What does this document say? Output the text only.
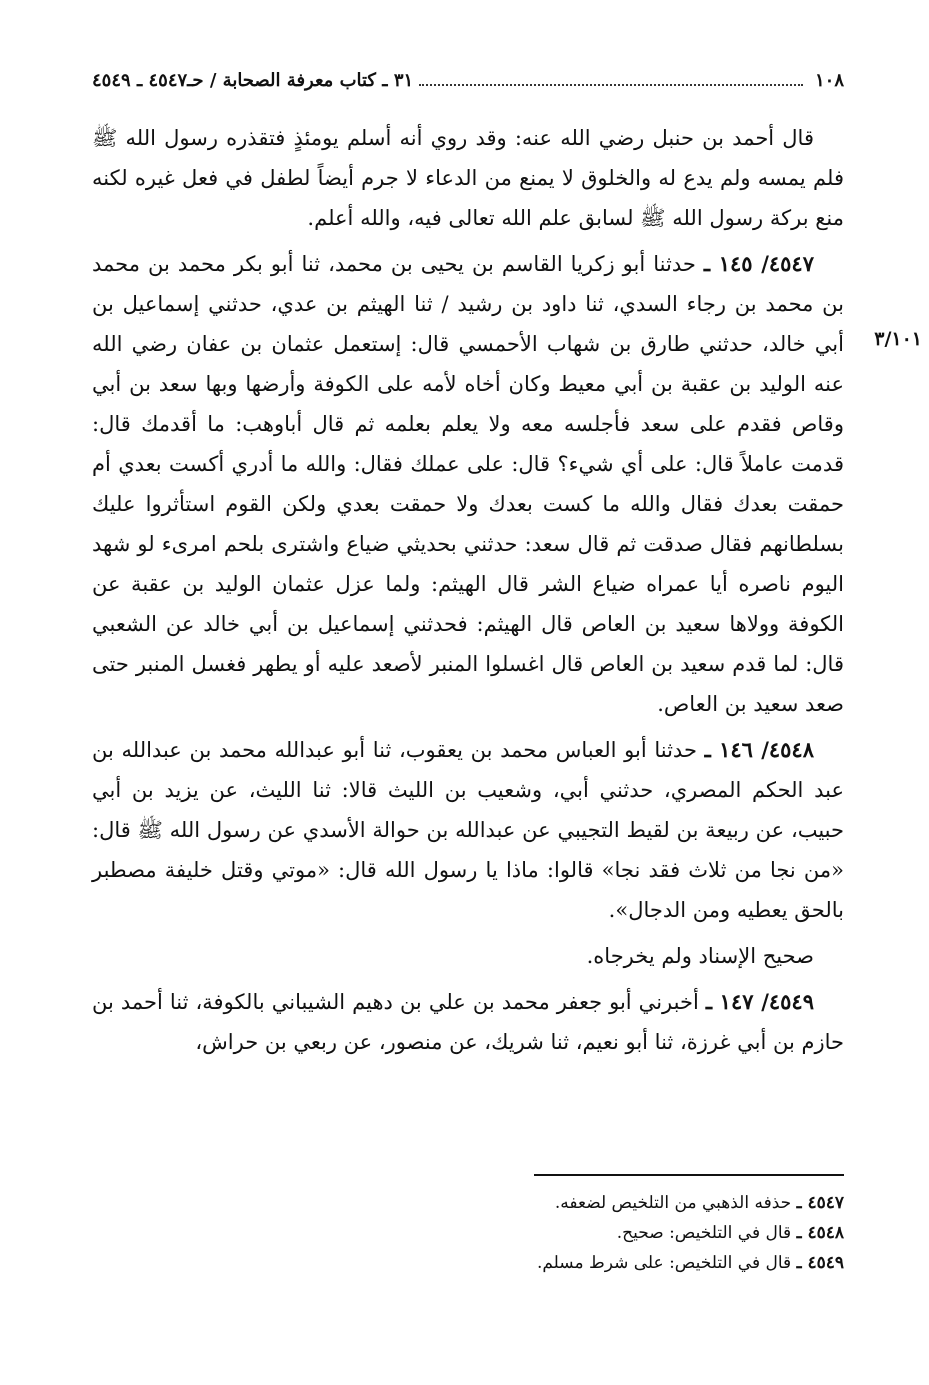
١٠٨
٣١ ـ كتاب معرفة الصحابة / حـ٤٥٤٧ ـ ٤٥٤٩

قال أحمد بن حنبل رضي الله عنه: وقد روي أنه أسلم يومئذٍ فتقذره رسول الله ﷺ فلم يمسه ولم يدع له والخلوق لا يمنع من الدعاء لا جرم أيضاً لطفل في فعل غيره لكنه منع بركة رسول الله ﷺ لسابق علم الله تعالى فيه، والله أعلم.

٤٥٤٧/ ١٤٥ ـ حدثنا أبو زكريا القاسم بن يحيى بن محمد، ثنا أبو بكر محمد بن محمد بن محمد بن رجاء السدي، ثنا داود بن رشيد / ثنا الهيثم بن عدي، حدثني إسماعيل بن أبي خالد، حدثني طارق بن شهاب الأحمسي قال: إستعمل عثمان بن عفان رضي الله عنه الوليد بن عقبة بن أبي معيط وكان أخاه لأمه على الكوفة وأرضها وبها سعد بن أبي وقاص فقدم على سعد فأجلسه معه ولا يعلم بعلمه ثم قال أباوهب: ما أقدمك قال: قدمت عاملاً قال: على أي شيء؟ قال: على عملك فقال: والله ما أدري أكست بعدي أم حمقت بعدك فقال والله ما كست بعدك ولا حمقت بعدي ولكن القوم استأثروا عليك بسلطانهم فقال صدقت ثم قال سعد: حدثني بحديثي ضياع واشترى بلحم امرىء لو شهد اليوم ناصره أيا عمراه ضياع الشر قال الهيثم: ولما عزل عثمان الوليد بن عقبة عن الكوفة وولاها سعيد بن العاص قال الهيثم: فحدثني إسماعيل بن أبي خالد عن الشعبي قال: لما قدم سعيد بن العاص قال اغسلوا المنبر لأصعد عليه أو يطهر فغسل المنبر حتى صعد سعيد بن العاص.

٤٥٤٨/ ١٤٦ ـ حدثنا أبو العباس محمد بن يعقوب، ثنا أبو عبدالله محمد بن عبدالله بن عبد الحكم المصري، حدثني أبي، وشعيب بن الليث قالا: ثنا الليث، عن يزيد بن أبي حبيب، عن ربيعة بن لقيط التجيبي عن عبدالله بن حوالة الأسدي عن رسول الله ﷺ قال: «من نجا من ثلاث فقد نجا» قالوا: ماذا يا رسول الله قال: «موتي وقتل خليفة مصطبر بالحق يعطيه ومن الدجال».

صحيح الإسناد ولم يخرجاه.

٤٥٤٩/ ١٤٧ ـ أخبرني أبو جعفر محمد بن علي بن دهيم الشيباني بالكوفة، ثنا أحمد بن حازم بن أبي غرزة، ثنا أبو نعيم، ثنا شريك، عن منصور، عن ربعي بن حراش،

٣/١٠١
٤٥٤٧ ـ حذفه الذهبي من التلخيص لضعفه.
٤٥٤٨ ـ قال في التلخيص: صحيح.
٤٥٤٩ ـ قال في التلخيص: على شرط مسلم.
